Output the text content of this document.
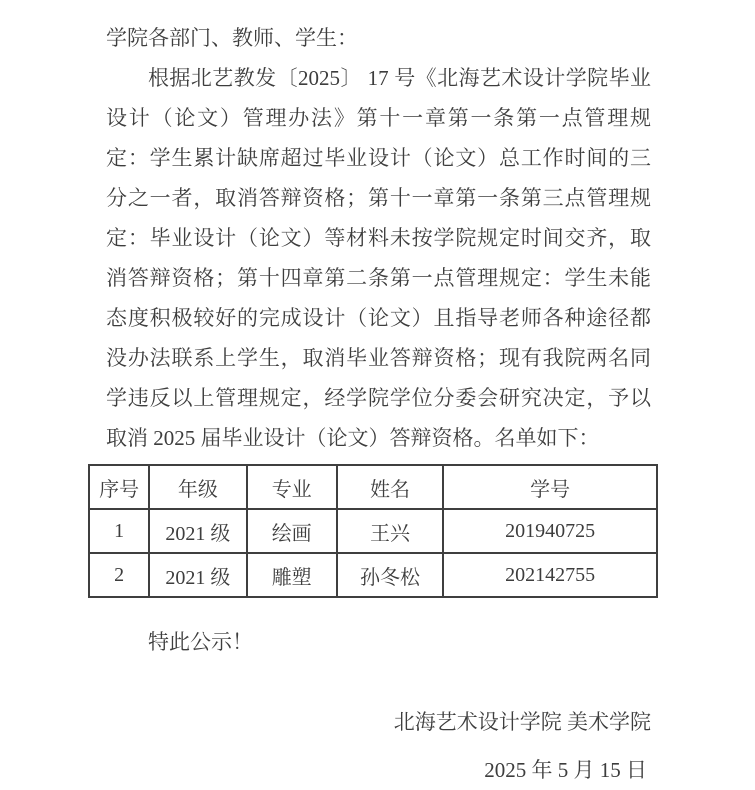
学院各部门、教师、学生：

根据北艺教发〔2025〕 17 号《北海艺术设计学院毕业设计（论文）管理办法》第十一章第一条第一点管理规定：学生累计缺席超过毕业设计（论文）总工作时间的三分之一者，取消答辩资格；第十一章第一条第三点管理规定：毕业设计（论文）等材料未按学院规定时间交齐，取消答辩资格；第十四章第二条第一点管理规定：学生未能态度积极较好的完成设计（论文）且指导老师各种途径都没办法联系上学生，取消毕业答辩资格；现有我院两名同学违反以上管理规定，经学院学位分委会研究决定，予以取消 2025 届毕业设计（论文）答辩资格。名单如下：

序号	年级	专业	姓名	学号
1	2021 级	绘画	王兴	201940725
2	2021 级	雕塑	孙冬松	202142755

特此公示！

北海艺术设计学院 美术学院
2025 年 5 月 15 日
